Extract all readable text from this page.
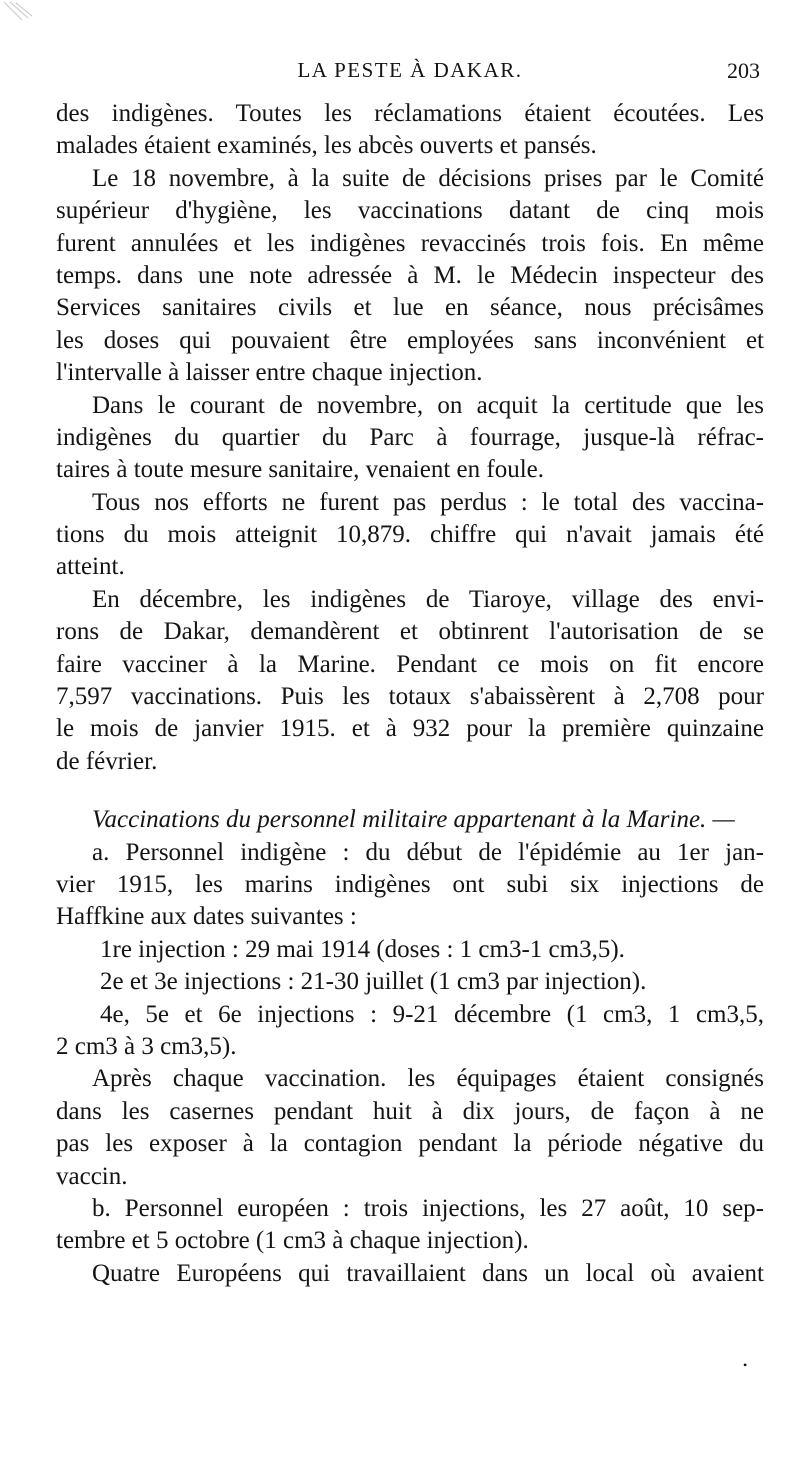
LA PESTE À DAKAR.	203
des indigènes. Toutes les réclamations étaient écoutées. Les
malades étaient examinés, les abcès ouverts et pansés.
Le 18 novembre, à la suite de décisions prises par le Comité
supérieur d'hygiène, les vaccinations datant de cinq mois
furent annulées et les indigènes revaccinés trois fois. En même
temps. dans une note adressée à M. le Médecin inspecteur des
Services sanitaires civils et lue en séance, nous précisâmes
les doses qui pouvaient être employées sans inconvénient et
l'intervalle à laisser entre chaque injection.
Dans le courant de novembre, on acquit la certitude que les
indigènes du quartier du Parc à fourrage, jusque-là réfrac-
taires à toute mesure sanitaire, venaient en foule.
Tous nos efforts ne furent pas perdus : le total des vaccina-
tions du mois atteignit 10,879. chiffre qui n'avait jamais été
atteint.
En décembre, les indigènes de Tiaroye, village des envi-
rons de Dakar, demandèrent et obtinrent l'autorisation de se
faire vacciner à la Marine. Pendant ce mois on fit encore
7,597 vaccinations. Puis les totaux s'abaissèrent à 2,708 pour
le mois de janvier 1915. et à 932 pour la première quinzaine
de février.
Vaccinations du personnel militaire appartenant à la Marine. —
a. Personnel indigène : du début de l'épidémie au 1er jan-
vier 1915, les marins indigènes ont subi six injections de
Haffkine aux dates suivantes :
1re injection : 29 mai 1914 (doses : 1 cm3-1 cm3,5).
2e et 3e injections : 21-30 juillet (1 cm3 par injection).
4e, 5e et 6e injections : 9-21 décembre (1 cm3, 1 cm3,5,
2 cm3 à 3 cm3,5).
Après chaque vaccination. les équipages étaient consignés
dans les casernes pendant huit à dix jours, de façon à ne
pas les exposer à la contagion pendant la période négative du
vaccin.
b. Personnel européen : trois injections, les 27 août, 10 sep-
tembre et 5 octobre (1 cm3 à chaque injection).
Quatre Européens qui travaillaient dans un local où avaient
•
